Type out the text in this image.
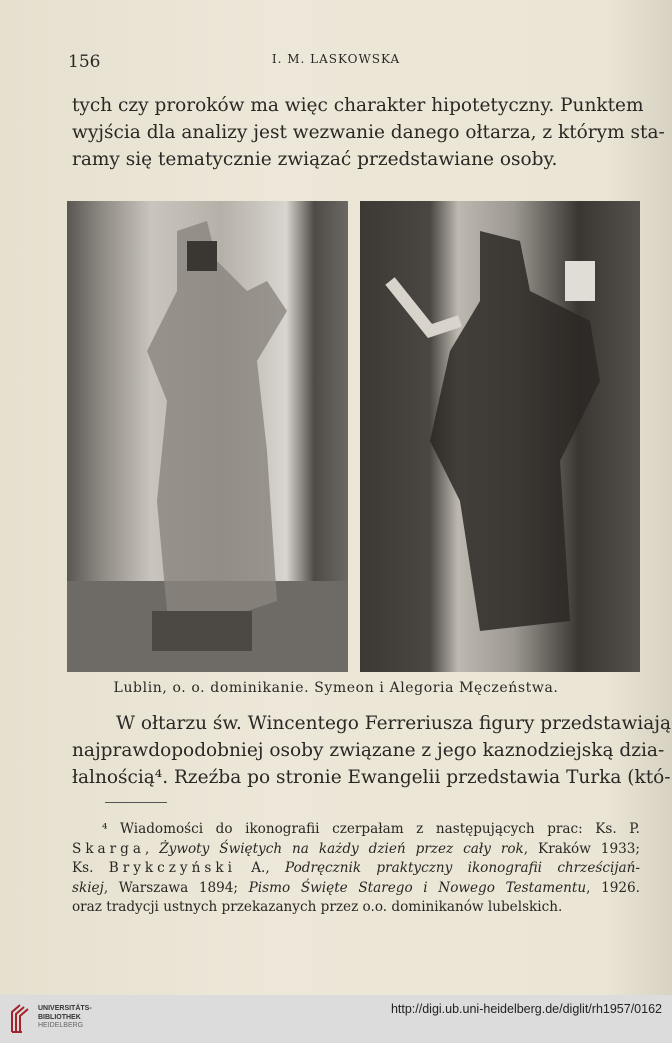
156	I. M. LASKOWSKA
tych czy proroków ma więc charakter hipotetyczny. Punktem
wyjścia dla analizy jest wezwanie danego ołtarza, z którym sta-
ramy się tematycznie związać przedstawiane osoby.
Lublin, o. o. dominikanie. Symeon i Alegoria Męczeństwa.
W ołtarzu św. Wincentego Ferreriusza figury przedstawiają
najprawdopodobniej osoby związane z jego kaznodziejską dzia-
łalnością⁴. Rzeźba po stronie Ewangelii przedstawia Turka (któ-
⁴ Wiadomości do ikonografii czerpałam z następujących prac: Ks. P.
Skarga, Żywoty Świętych na każdy dzień przez cały rok, Kraków 1933;
Ks. Brykczyński A., Podręcznik praktyczny ikonografii chrześcijań-
skiej, Warszawa 1894; Pismo Święte Starego i Nowego Testamentu, 1926.
oraz tradycji ustnych przekazanych przez o.o. dominikanów lubelskich.
UNIVERSITÄTS-
BIBLIOTHEK
HEIDELBERG
http://digi.ub.uni-heidelberg.de/diglit/rh1957/0162
